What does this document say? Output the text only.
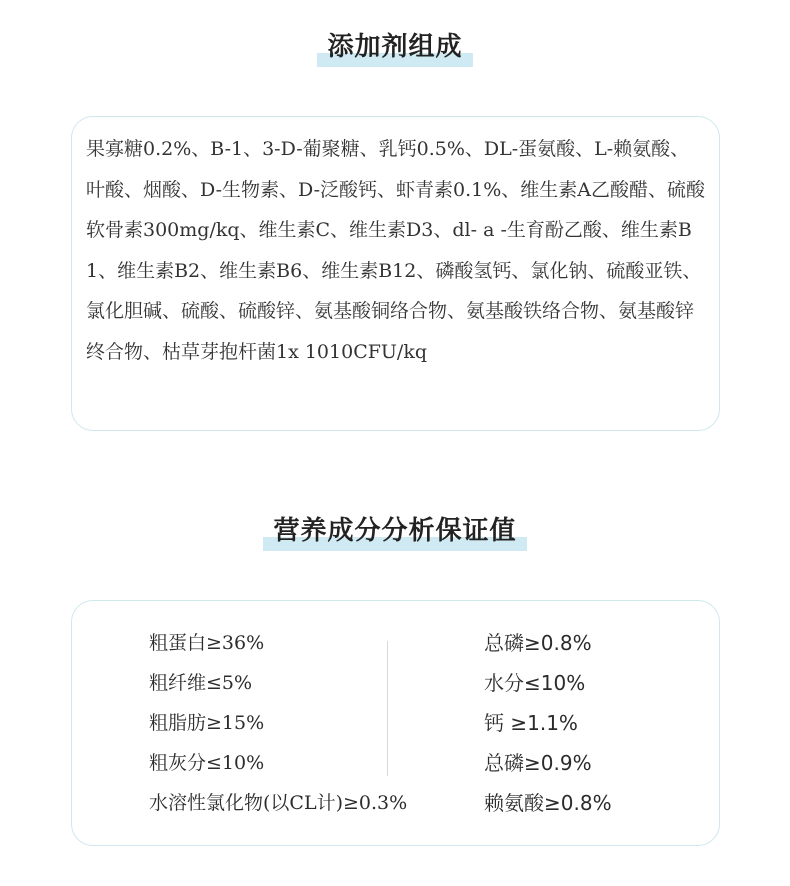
添加剂组成

果寡糖0.2%、B-1、3-D-葡聚糖、乳钙0.5%、DL-蛋氨酸、L-赖氨酸、叶酸、烟酸、D-生物素、D-泛酸钙、虾青素0.1%、维生素A乙酸醋、硫酸软骨素300mg/kq、维生素C、维生素D3、dl- a -生育酚乙酸、维生素B1、维生素B2、维生素B6、维生素B12、磷酸氢钙、氯化钠、硫酸亚铁、氯化胆碱、硫酸、硫酸锌、氨基酸铜络合物、氨基酸铁络合物、氨基酸锌终合物、枯草芽抱杆菌1x 1010CFU/kq

营养成分分析保证值
粗蛋白≥36%
粗纤维≤5%
粗脂肪≥15%
粗灰分≤10%
水溶性氯化物(以CL计)≥0.3%
总磷≥0.8%
水分≤10%
钙 ≥1.1%
总磷≥0.9%
赖氨酸≥0.8%
